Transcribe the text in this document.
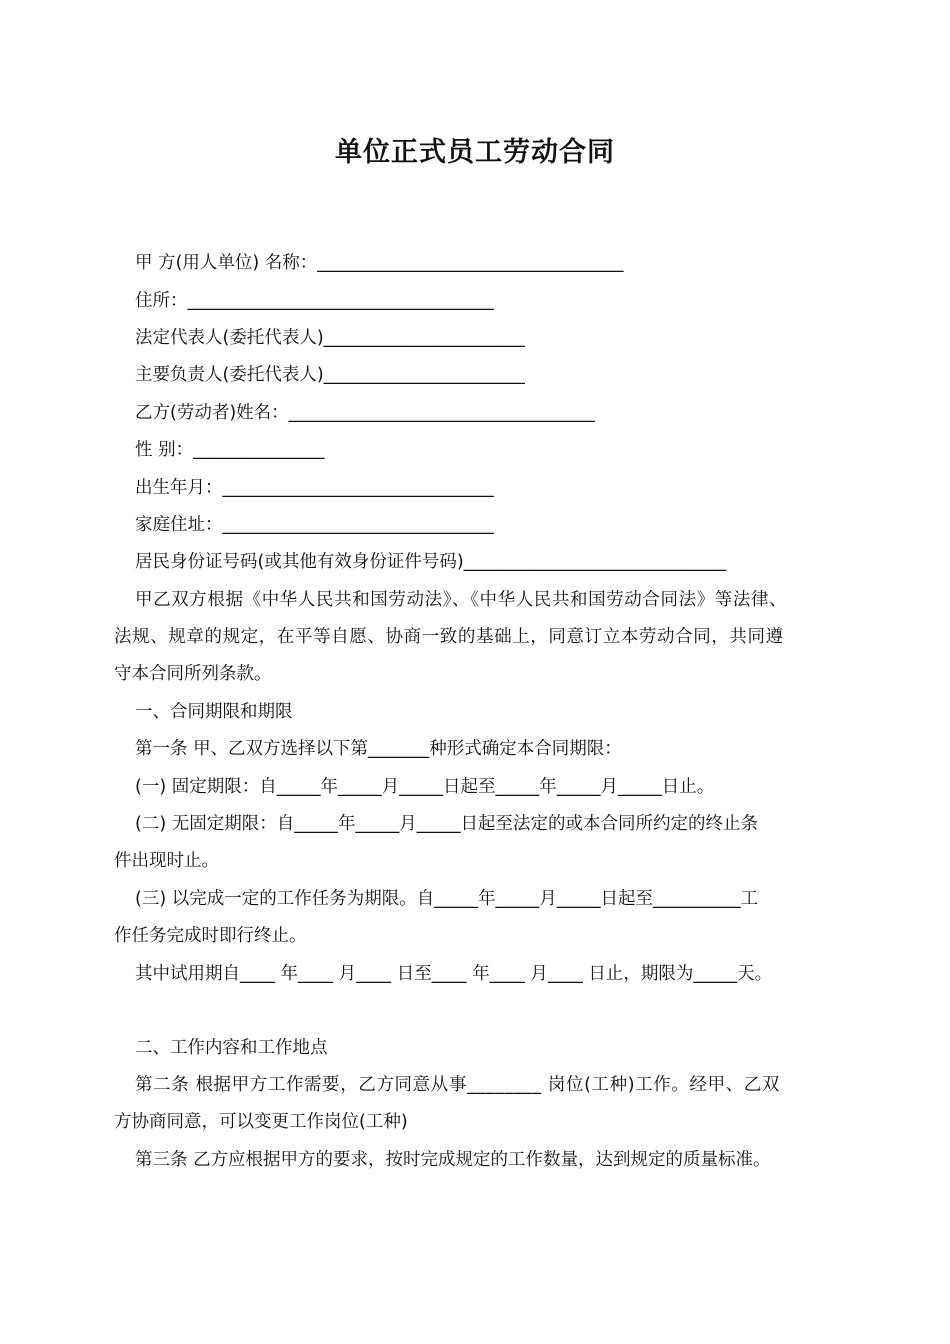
单位正式员工劳动合同
甲 方(用人单位) 名称：___________________________________
住所：___________________________________
法定代表人(委托代表人)_______________________
主要负责人(委托代表人)_______________________
乙方(劳动者)姓名：___________________________________
性 别：_______________
出生年月：_______________________________
家庭住址：_______________________________
居民身份证号码(或其他有效身份证件号码)______________________________
甲乙双方根据《中华人民共和国劳动法》、《中华人民共和国劳动合同法》等法律、
法规、规章的规定，在平等自愿、协商一致的基础上，同意订立本劳动合同，共同遵
守本合同所列条款。
一、合同期限和期限
第一条 甲、乙双方选择以下第_______种形式确定本合同期限：
(一) 固定期限：自_____年_____月_____日起至_____年_____月_____日止。
(二) 无固定期限：自_____年_____月_____日起至法定的或本合同所约定的终止条
件出现时止。
(三) 以完成一定的工作任务为期限。自_____年_____月_____日起至__________工
作任务完成时即行终止。
其中试用期自____ 年____ 月____ 日至____ 年____ 月____ 日止，期限为_____天。
二、工作内容和工作地点
第二条 根据甲方工作需要，乙方同意从事________ 岗位(工种)工作。经甲、乙双
方协商同意，可以变更工作岗位(工种)
第三条 乙方应根据甲方的要求，按时完成规定的工作数量，达到规定的质量标准。
